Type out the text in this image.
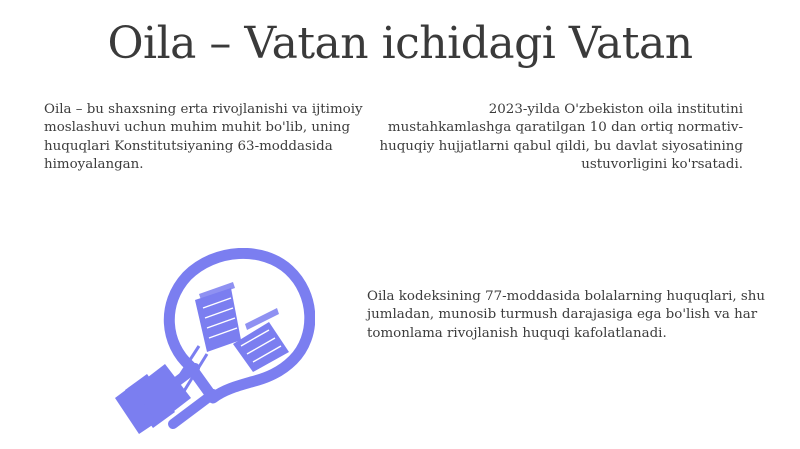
Oila – Vatan ichidagi Vatan
Oila – bu shaxsning erta rivojlanishi va ijtimoiy moslashuvi uchun muhim muhit bo'lib, uning huquqlari Konstitutsiyaning 63-moddasida himoyalangan.
2023-yilda O'zbekiston oila institutini mustahkamlashga qaratilgan 10 dan ortiq normativ-huquqiy hujjatlarni qabul qildi, bu davlat siyosatining ustuvorligini ko'rsatadi.
Oila kodeksining 77-moddasida bolalarning huquqlari, shu jumladan, munosib turmush darajasiga ega bo'lish va har tomonlama rivojlanish huquqi kafolatlanadi.
